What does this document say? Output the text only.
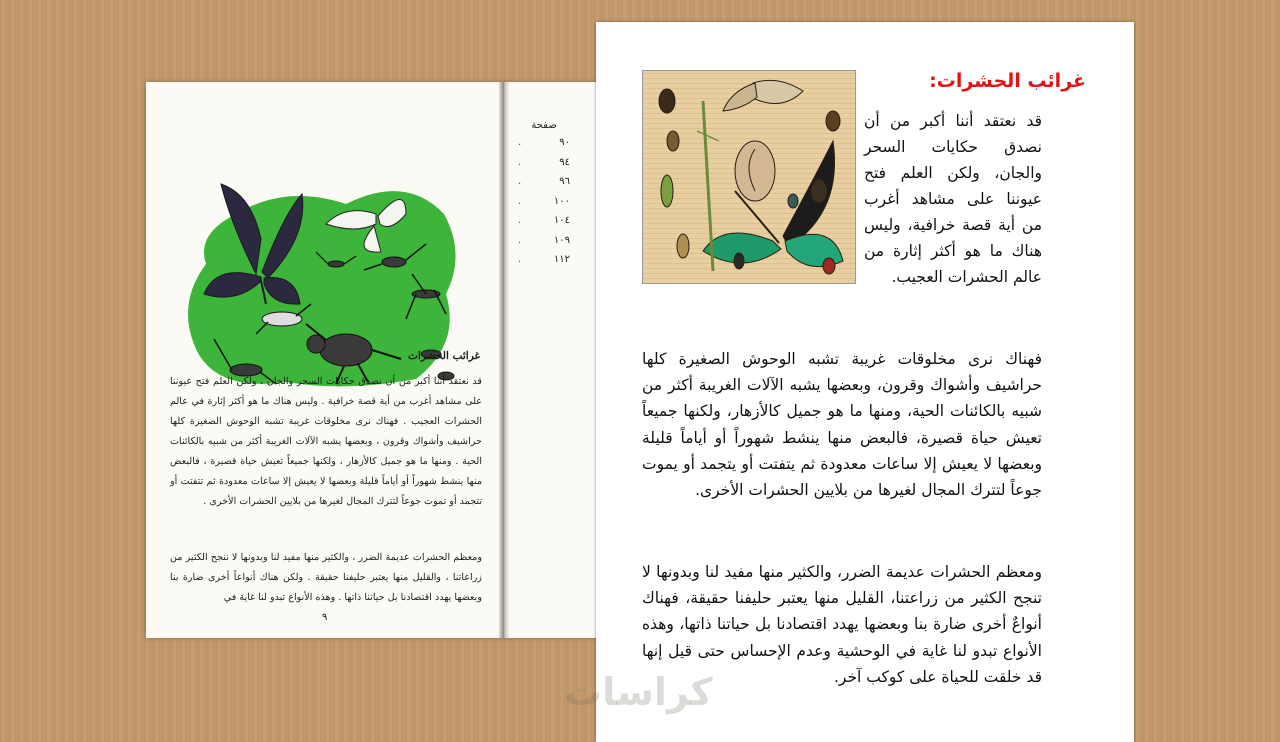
غرائب الحشرات
قد نعتقد أننا أكبر من أن نصدق حكايات السحر والجان ، ولكن العلم فتح عيوننا على مشاهد أغرب من أية قصة خرافية . وليس هناك ما هو أكثر إثارة في عالم الحشرات العجيب . فهناك نرى مخلوقات غريبة تشبه الوحوش الصغيرة كلها حراشيف وأشواك وقرون ، وبعضها يشبه الآلات الغريبة أكثر من شبيه بالكائنات الحية . ومنها ما هو جميل كالأزهار ، ولكنها جميعاً تعيش حياة قصيرة ، فالبعض منها ينشط شهوراً أو أياماً قليلة وبعضها لا يعيش إلا ساعات معدودة ثم تتفتت أو تتجمد أو تموت جوعاً لتترك المجال لغيرها من بلايين الحشرات الأخرى .
ومعظم الحشرات عديمة الضرر ، والكثير منها مفيد لنا وبدونها لا ننجح الكثير من زراعاتنا ، والقليل منها يعتبر حليفنا حقيقة . ولكن هناك أنواعاً أخرى ضارة بنا وبعضها يهدد اقتصادنا بل حياتنا ذاتها . وهذه الأنواع تبدو لنا غاية في
٩
صفحة
.	٩٠
.	٩٤
.	٩٦
.	١٠٠
.	١٠٤
.	١٠٩
.	١١٢
غرائب الحشرات:
قد نعتقد أننا أكبر من أن نصدق حكايات السحر والجان، ولكن العلم فتح عيوننا على مشاهد أغرب من أية قصة خرافية، وليس هناك ما هو أكثر إثارة من عالم الحشرات العجيب.
فهناك نرى مخلوقات غريبة تشبه الوحوش الصغيرة كلها حراشيف وأشواك وقرون، وبعضها يشبه الآلات الغريبة أكثر من شبيه بالكائنات الحية، ومنها ما هو جميل كالأزهار، ولكنها جميعاً تعيش حياة قصيرة، فالبعض منها ينشط شهوراً أو أياماً قليلة وبعضها لا يعيش إلا ساعات معدودة ثم يتفتت أو يتجمد أو يموت جوعاً لتترك المجال لغيرها من بلايين الحشرات الأخرى.
ومعظم الحشرات عديمة الضرر، والكثير منها مفيد لنا وبدونها لا تنجح الكثير من زراعتنا، القليل منها يعتبر حليفنا حقيقة، فهناك أنواعٌ أخرى ضارة بنا وبعضها يهدد اقتصادنا بل حياتنا ذاتها، وهذه الأنواع تبدو لنا غاية في الوحشية وعدم الإحساس حتى قيل إنها قد خلقت للحياة على كوكب آخر.
كراسات
